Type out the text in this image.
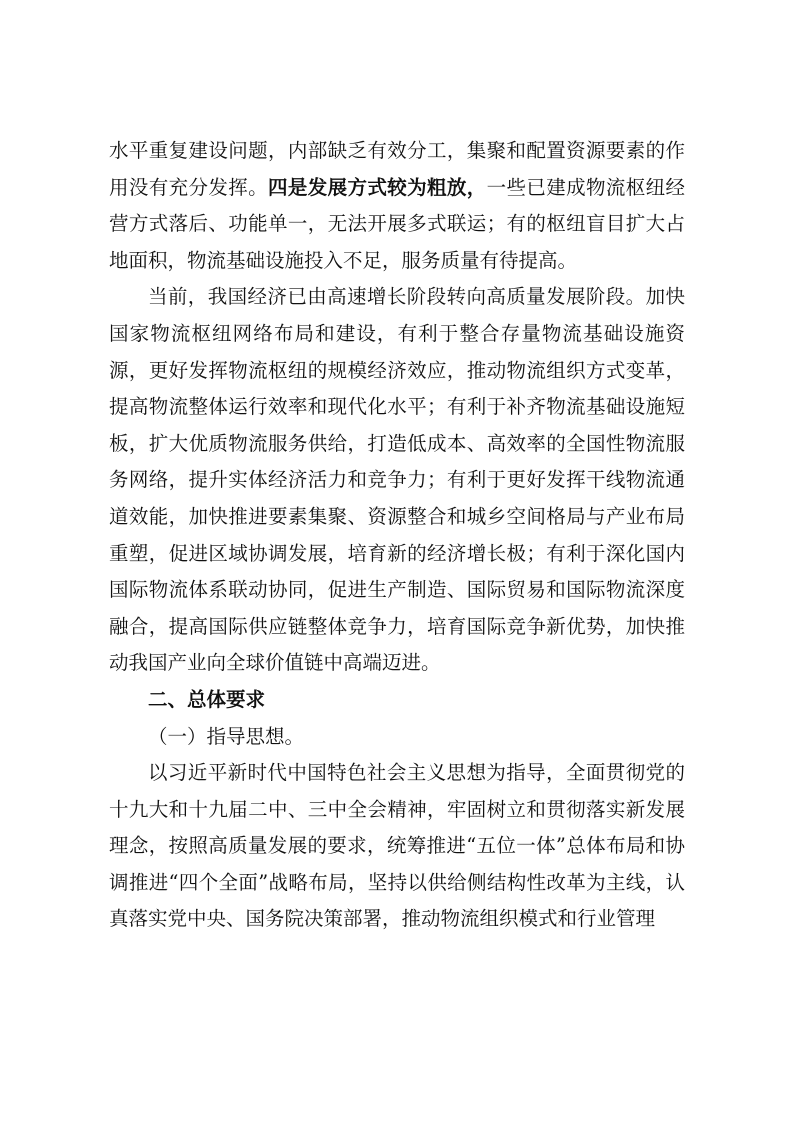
水平重复建设问题，内部缺乏有效分工，集聚和配置资源要素的作用没有充分发挥。四是发展方式较为粗放，一些已建成物流枢纽经营方式落后、功能单一，无法开展多式联运；有的枢纽盲目扩大占地面积，物流基础设施投入不足，服务质量有待提高。

当前，我国经济已由高速增长阶段转向高质量发展阶段。加快国家物流枢纽网络布局和建设，有利于整合存量物流基础设施资源，更好发挥物流枢纽的规模经济效应，推动物流组织方式变革，提高物流整体运行效率和现代化水平；有利于补齐物流基础设施短板，扩大优质物流服务供给，打造低成本、高效率的全国性物流服务网络，提升实体经济活力和竞争力；有利于更好发挥干线物流通道效能，加快推进要素集聚、资源整合和城乡空间格局与产业布局重塑，促进区域协调发展，培育新的经济增长极；有利于深化国内国际物流体系联动协同，促进生产制造、国际贸易和国际物流深度融合，提高国际供应链整体竞争力，培育国际竞争新优势，加快推动我国产业向全球价值链中高端迈进。

二、总体要求

（一）指导思想。

以习近平新时代中国特色社会主义思想为指导，全面贯彻党的十九大和十九届二中、三中全会精神，牢固树立和贯彻落实新发展理念，按照高质量发展的要求，统筹推进“五位一体”总体布局和协调推进“四个全面”战略布局，坚持以供给侧结构性改革为主线，认真落实党中央、国务院决策部署，推动物流组织模式和行业管理
